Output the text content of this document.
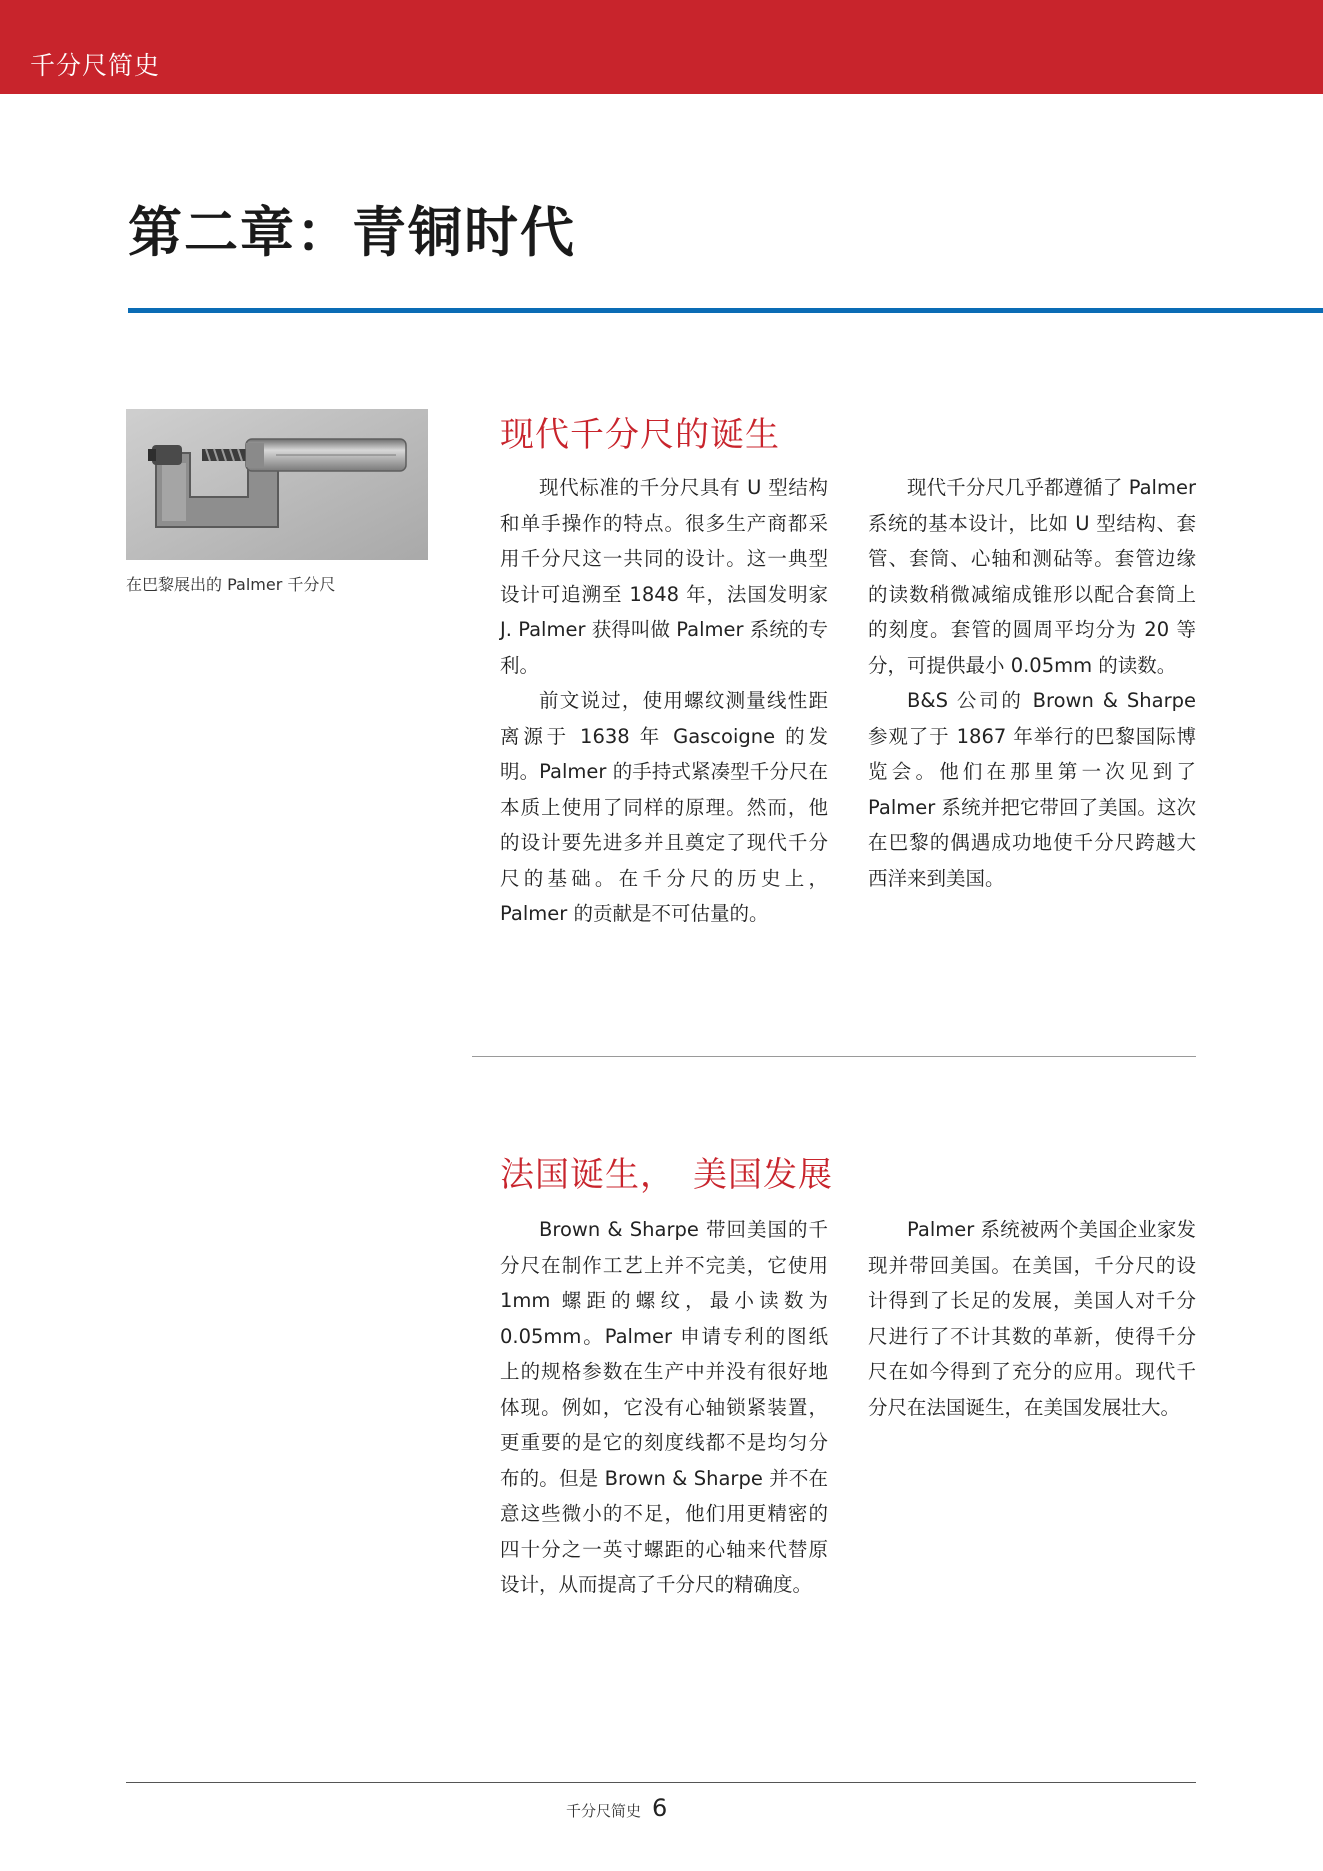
千分尺简史
第二章：青铜时代
在巴黎展出的 Palmer 千分尺
现代千分尺的诞生

现代标准的千分尺具有 U 型结构和单手操作的特点。很多生产商都采用千分尺这一共同的设计。这一典型设计可追溯至 1848 年，法国发明家 J. Palmer 获得叫做 Palmer 系统的专利。

前文说过，使用螺纹测量线性距离源于 1638 年 Gascoigne 的发明。Palmer 的手持式紧凑型千分尺在本质上使用了同样的原理。然而，他的设计要先进多并且奠定了现代千分尺的基础。在千分尺的历史上，Palmer 的贡献是不可估量的。

现代千分尺几乎都遵循了 Palmer 系统的基本设计，比如 U 型结构、套管、套筒、心轴和测砧等。套管边缘的读数稍微减缩成锥形以配合套筒上的刻度。套管的圆周平均分为 20 等分，可提供最小 0.05mm 的读数。

B&S 公司的 Brown & Sharpe 参观了于 1867 年举行的巴黎国际博览会。他们在那里第一次见到了 Palmer 系统并把它带回了美国。这次在巴黎的偶遇成功地使千分尺跨越大西洋来到美国。

法国诞生，　美国发展

Brown & Sharpe 带回美国的千分尺在制作工艺上并不完美，它使用 1mm 螺距的螺纹，最小读数为 0.05mm。Palmer 申请专利的图纸上的规格参数在生产中并没有很好地体现。例如，它没有心轴锁紧装置，更重要的是它的刻度线都不是均匀分布的。但是 Brown & Sharpe 并不在意这些微小的不足，他们用更精密的四十分之一英寸螺距的心轴来代替原设计，从而提高了千分尺的精确度。

Palmer 系统被两个美国企业家发现并带回美国。在美国，千分尺的设计得到了长足的发展，美国人对千分尺进行了不计其数的革新，使得千分尺在如今得到了充分的应用。现代千分尺在法国诞生，在美国发展壮大。

千分尺简史 6
